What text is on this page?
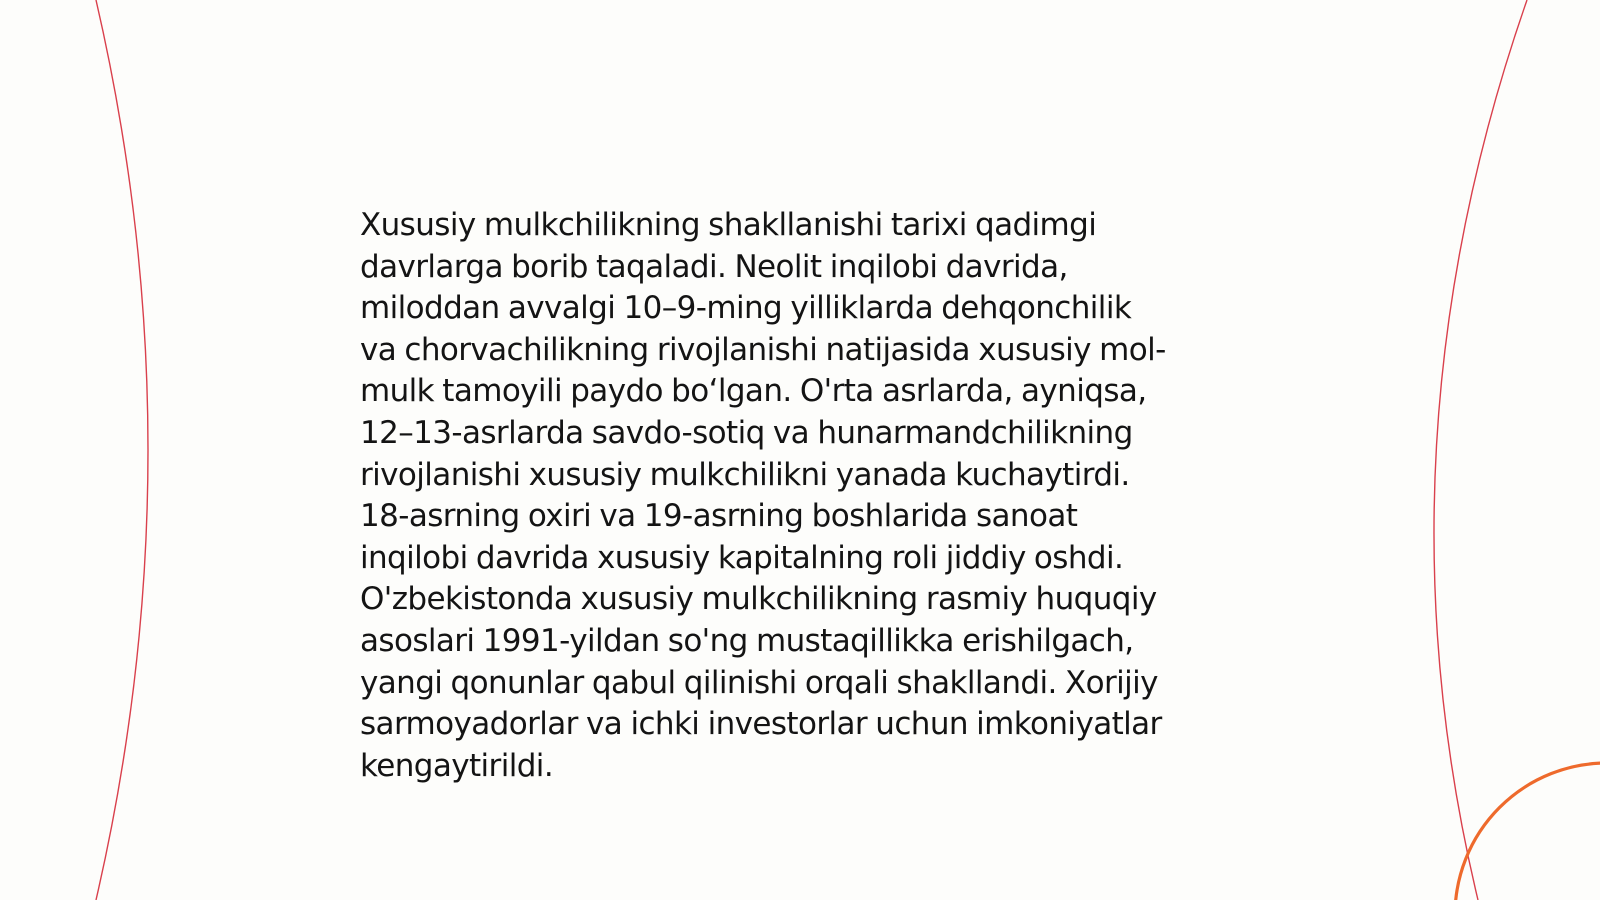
Xususiy mulkchilikning shakllanishi tarixi qadimgi
davrlarga borib taqaladi. Neolit inqilobi davrida,
miloddan avvalgi 10–9-ming yilliklarda dehqonchilik
va chorvachilikning rivojlanishi natijasida xususiy mol-
mulk tamoyili paydo bo‘lgan. O'rta asrlarda, ayniqsa,
12–13-asrlarda savdo-sotiq va hunarmandchilikning
rivojlanishi xususiy mulkchilikni yanada kuchaytirdi.
18-asrning oxiri va 19-asrning boshlarida sanoat
inqilobi davrida xususiy kapitalning roli jiddiy oshdi.
O'zbekistonda xususiy mulkchilikning rasmiy huquqiy
asoslari 1991-yildan so'ng mustaqillikka erishilgach,
yangi qonunlar qabul qilinishi orqali shakllandi. Xorijiy
sarmoyadorlar va ichki investorlar uchun imkoniyatlar
kengaytirildi.
